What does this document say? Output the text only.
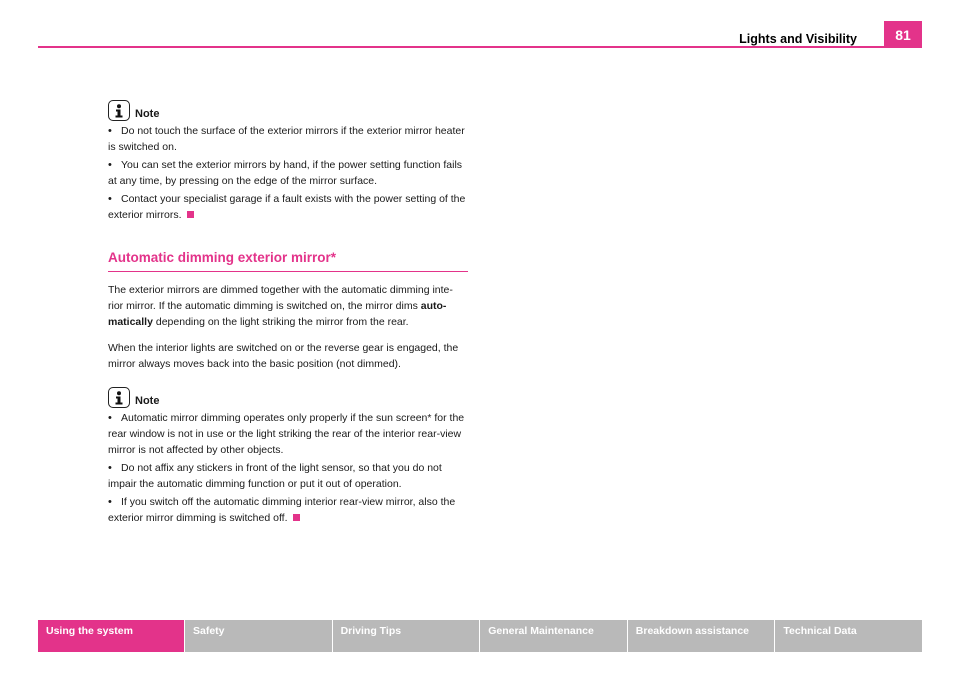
Lights and Visibility	81
Note
• Do not touch the surface of the exterior mirrors if the exterior mirror heater is switched on.
• You can set the exterior mirrors by hand, if the power setting function fails at any time, by pressing on the edge of the mirror surface.
• Contact your specialist garage if a fault exists with the power setting of the exterior mirrors.
Automatic dimming exterior mirror*
The exterior mirrors are dimmed together with the automatic dimming inte-rior mirror. If the automatic dimming is switched on, the mirror dims auto-matically depending on the light striking the mirror from the rear.
When the interior lights are switched on or the reverse gear is engaged, the mirror always moves back into the basic position (not dimmed).
Note
• Automatic mirror dimming operates only properly if the sun screen* for the rear window is not in use or the light striking the rear of the interior rear-view mirror is not affected by other objects.
• Do not affix any stickers in front of the light sensor, so that you do not impair the automatic dimming function or put it out of operation.
• If you switch off the automatic dimming interior rear-view mirror, also the exterior mirror dimming is switched off.
Using the system	Safety	Driving Tips	General Maintenance	Breakdown assistance	Technical Data
